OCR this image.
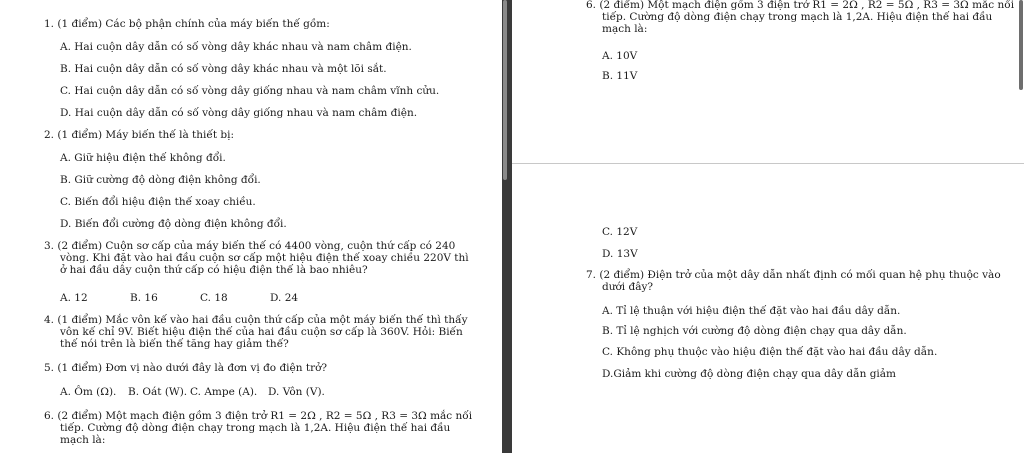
1. (1 điểm) Các bộ phận chính của máy biến thế gồm:
A. Hai cuộn dây dẫn có số vòng dây khác nhau và nam châm điện.
B. Hai cuộn dây dẫn có số vòng dây khác nhau và một lõi sắt.
C. Hai cuộn dây dẫn có số vòng dây giống nhau và nam châm vĩnh cửu.
D. Hai cuộn dây dẫn có số vòng dây giống nhau và nam châm điện.
2. (1 điểm) Máy biến thế là thiết bị:
A. Giữ hiệu điện thế không đổi.
B. Giữ cường độ dòng điện không đổi.
C. Biến đổi hiệu điện thế xoay chiều.
D. Biến đổi cường độ dòng điện không đổi.
3. (2 điểm) Cuộn sơ cấp của máy biến thế có 4400 vòng, cuộn thứ cấp có 240
vòng. Khi đặt vào hai đầu cuộn sơ cấp một hiệu điện thế xoay chiều 220V thì
ở hai đầu dây cuộn thứ cấp có hiệu điện thế là bao nhiêu?
A. 12	B. 16	C. 18	D. 24
4. (1 điểm) Mắc vôn kế vào hai đầu cuộn thứ cấp của một máy biến thế thì thấy
vôn kế chỉ 9V. Biết hiệu điện thế của hai đầu cuộn sơ cấp là 360V. Hỏi: Biến
thế nói trên là biến thế tăng hay giảm thế?
5. (1 điểm) Đơn vị nào dưới đây là đơn vị đo điện trở?
A. Ôm (Ω). B. Oát (W). C. Ampe (A). D. Vôn (V).
6. (2 điểm) Một mạch điện gồm 3 điện trở R1 = 2Ω , R2 = 5Ω , R3 = 3Ω mắc nối
tiếp. Cường độ dòng điện chạy trong mạch là 1,2A. Hiệu điện thế hai đầu
mạch là:
6. (2 điểm) Một mạch điện gồm 3 điện trở R1 = 2Ω , R2 = 5Ω , R3 = 3Ω mắc nối
tiếp. Cường độ dòng điện chạy trong mạch là 1,2A. Hiệu điện thế hai đầu
mạch là:
A. 10V
B. 11V
C. 12V
D. 13V
7. (2 điểm) Điện trở của một dây dẫn nhất định có mối quan hệ phụ thuộc vào
dưới đây?
A. Tỉ lệ thuận với hiệu điện thế đặt vào hai đầu dây dẫn.
B. Tỉ lệ nghịch với cường độ dòng điện chạy qua dây dẫn.
C. Không phụ thuộc vào hiệu điện thế đặt vào hai đầu dây dẫn.
D.Giảm khi cường độ dòng điện chạy qua dây dẫn giảm
